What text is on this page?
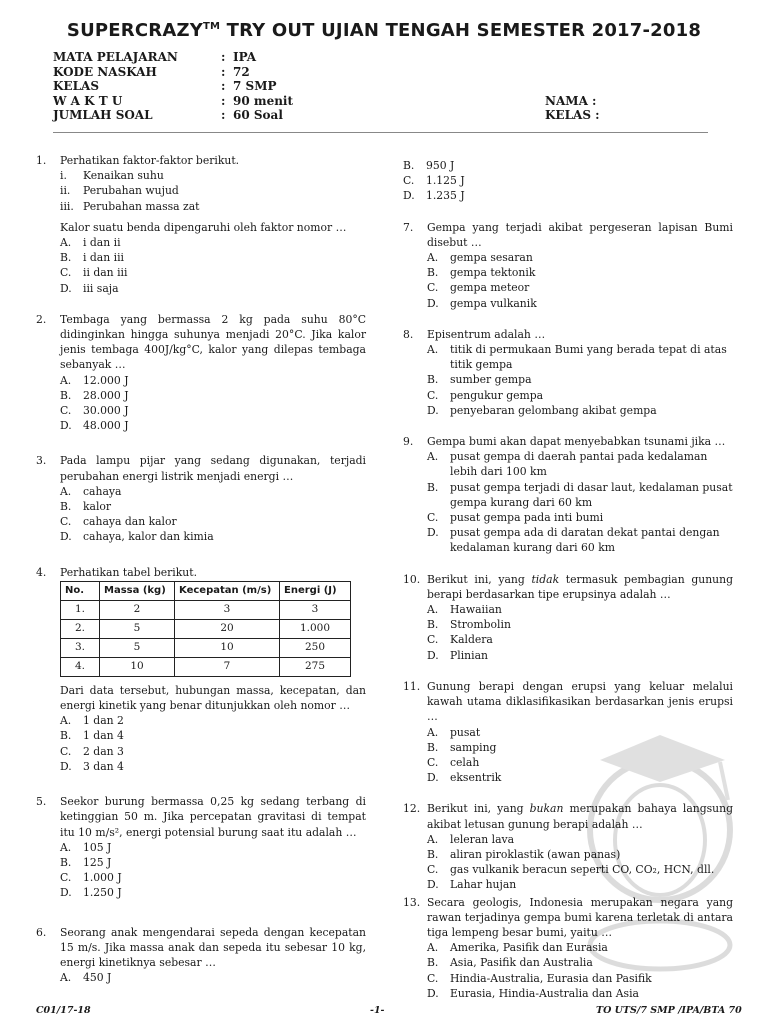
SUPERCRAZY™ TRY OUT UJIAN TENGAH SEMESTER 2017-2018
MATA PELAJARAN	: IPA
KODE NASKAH	: 72
KELAS	: 7 SMP
W A K T U	: 90 menit	NAMA :
JUMLAH SOAL	: 60 Soal	KELAS :
1. Perhatikan faktor-faktor berikut.
i. Kenaikan suhu
ii. Perubahan wujud
iii. Perubahan massa zat
Kalor suatu benda dipengaruhi oleh faktor nomor …
A. i dan ii
B. i dan iii
C. ii dan iii
D. iii saja
2. Tembaga yang bermassa 2 kg pada suhu 80°C didinginkan hingga suhunya menjadi 20°C. Jika kalor jenis tembaga 400J/kg°C, kalor yang dilepas tembaga sebanyak …
A. 12.000 J
B. 28.000 J
C. 30.000 J
D. 48.000 J
3. Pada lampu pijar yang sedang digunakan, terjadi perubahan energi listrik menjadi energi …
A. cahaya
B. kalor
C. cahaya dan kalor
D. cahaya, kalor dan kimia
4. Perhatikan tabel berikut.
No.	Massa (kg)	Kecepatan (m/s)	Energi (J)
1.	2	3	3
2.	5	20	1.000
3.	5	10	250
4.	10	7	275
Dari data tersebut, hubungan massa, kecepatan, dan energi kinetik yang benar ditunjukkan oleh nomor …
A. 1 dan 2
B. 1 dan 4
C. 2 dan 3
D. 3 dan 4
5. Seekor burung bermassa 0,25 kg sedang terbang di ketinggian 50 m. Jika percepatan gravitasi di tempat itu 10 m/s², energi potensial burung saat itu adalah …
A. 105 J
B. 125 J
C. 1.000 J
D. 1.250 J
6. Seorang anak mengendarai sepeda dengan kecepatan 15 m/s. Jika massa anak dan sepeda itu sebesar 10 kg, energi kinetiknya sebesar …
A. 450 J
B. 950 J
C. 1.125 J
D. 1.235 J
7. Gempa yang terjadi akibat pergeseran lapisan Bumi disebut …
A. gempa sesaran
B. gempa tektonik
C. gempa meteor
D. gempa vulkanik
8. Episentrum adalah …
A. titik di permukaan Bumi yang berada tepat di atas titik gempa
B. sumber gempa
C. pengukur gempa
D. penyebaran gelombang akibat gempa
9. Gempa bumi akan dapat menyebabkan tsunami jika …
A. pusat gempa di daerah pantai pada kedalaman lebih dari 100 km
B. pusat gempa terjadi di dasar laut, kedalaman pusat gempa kurang dari 60 km
C. pusat gempa pada inti bumi
D. pusat gempa ada di daratan dekat pantai dengan kedalaman kurang dari 60 km
10. Berikut ini, yang tidak termasuk pembagian gunung berapi berdasarkan tipe erupsinya adalah …
A. Hawaiian
B. Strombolin
C. Kaldera
D. Plinian
11. Gunung berapi dengan erupsi yang keluar melalui kawah utama diklasifikasikan berdasarkan jenis erupsi …
A. pusat
B. samping
C. celah
D. eksentrik
12. Berikut ini, yang bukan merupakan bahaya langsung akibat letusan gunung berapi adalah …
A. leleran lava
B. aliran piroklastik (awan panas)
C. gas vulkanik beracun seperti CO, CO₂, HCN, dll.
D. Lahar hujan
13. Secara geologis, Indonesia merupakan negara yang rawan terjadinya gempa bumi karena terletak di antara tiga lempeng besar bumi, yaitu …
A. Amerika, Pasifik dan Eurasia
B. Asia, Pasifik dan Australia
C. Hindia-Australia, Eurasia dan Pasifik
D. Eurasia, Hindia-Australia dan Asia
C01/17-18	-1-	TO UTS/7 SMP /IPA/BTA 70
